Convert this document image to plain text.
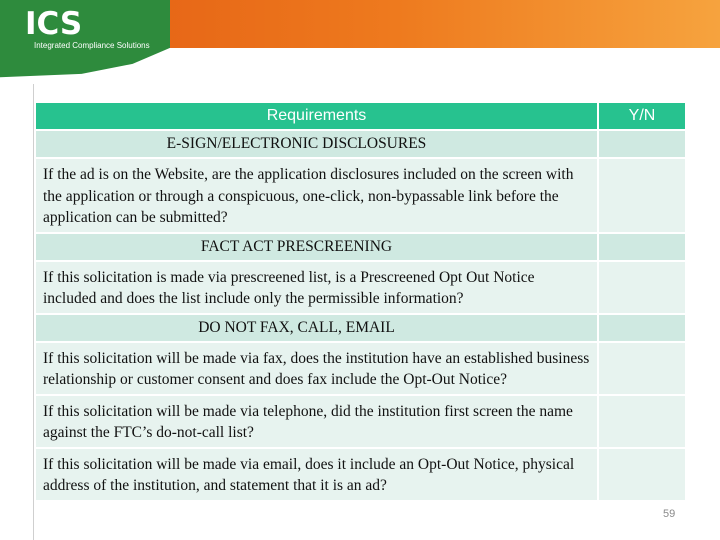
ICS
Integrated Compliance Solutions
Requirements	Y/N
E-SIGN/ELECTRONIC DISCLOSURES	
If the ad is on the Website, are the application disclosures included on the screen with the application or through a conspicuous, one-click, non-bypassable link before the application can be submitted?	
FACT ACT PRESCREENING	
If this solicitation is made via prescreened list, is a Prescreened Opt Out Notice included and does the list include only the permissible information?	
DO NOT FAX, CALL, EMAIL	
If this solicitation will be made via fax, does the institution have an established business relationship or customer consent and does fax include the Opt-Out Notice?	
If this solicitation will be made via telephone, did the institution first screen the name against the FTC’s do-not-call list?	
If this solicitation will be made via email, does it include an Opt-Out Notice, physical address of the institution, and statement that it is an ad?	
59
